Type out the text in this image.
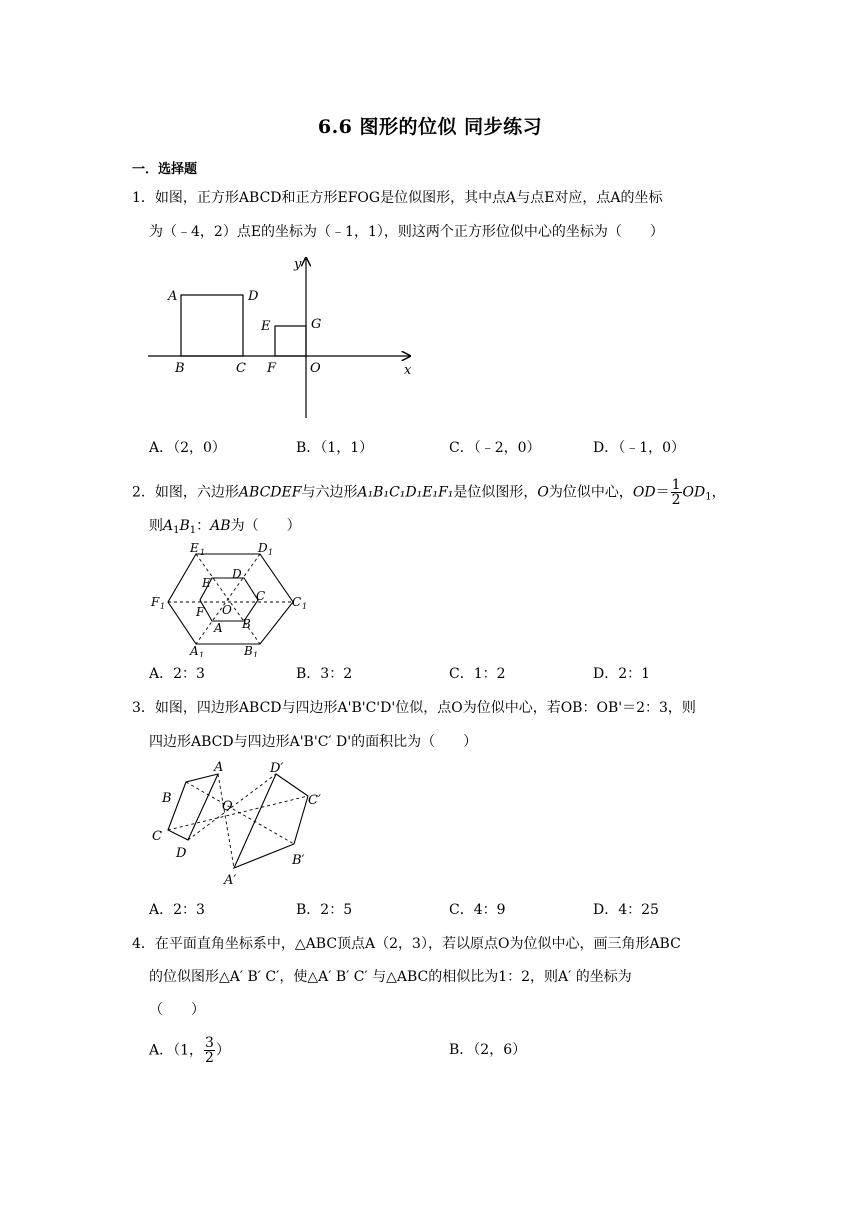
6.6 图形的位似 同步练习
一．选择题
1．如图，正方形ABCD和正方形EFOG是位似图形，其中点A与点E对应，点A的坐标
为（﹣4，2）点E的坐标为（﹣1，1），则这两个正方形位似中心的坐标为（　　）
A	D
B	C
E	G
F	O	x
y
A．（2，0）	B．（1，1）	C．（﹣2，0）	D．（﹣1，0）
2．如图，六边形ABCDEF与六边形A₁B₁C₁D₁E₁F₁是位似图形，O为位似中心，$OD= \frac{1}{2} OD_1$，
则$A_1B_1$：AB为（　　）
E 1	D 1
F 1	C 1
A 1	B 1
E
D
C
F O
A B
A．2：3	B．3：2	C．1：2	D．2：1
3．如图，四边形ABCD与四边形A'B'C'D'位似，点O为位似中心，若OB：OB'＝2：3，则
四边形ABCD与四边形A'B'C′ D'的面积比为（　　）
A
B
C
D
O
D′
C′
B′
A′
A．2：3	B．2：5	C．4：9	D．4：25
4．在平面直角坐标系中，△ABC顶点A（2，3），若以原点O为位似中心，画三角形ABC
的位似图形△A′ B′ C′，使△A′ B′ C′ 与△ABC的相似比为1：2，则A′ 的坐标为
（　　）
A．（1， $\frac{3}{2}$ ）	B．（2，6）
